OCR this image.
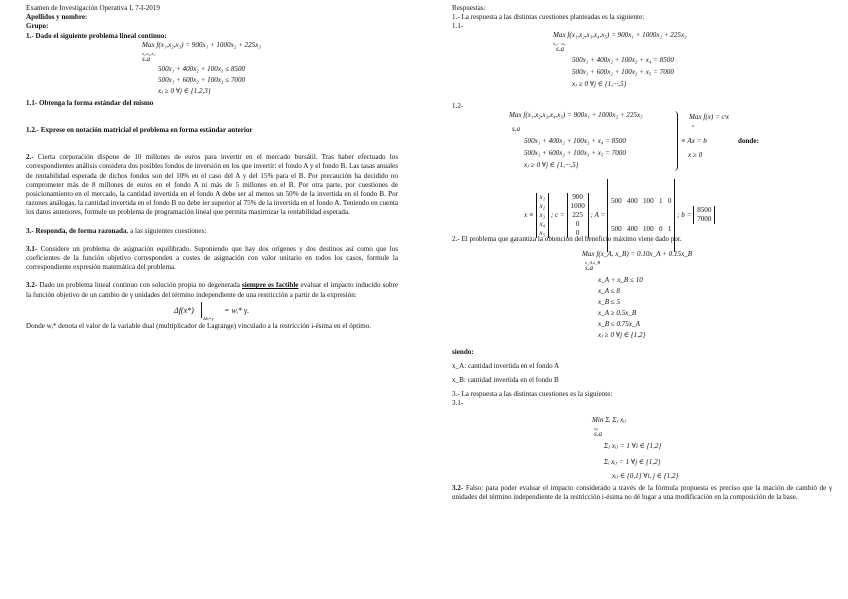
Examen de Investigación Operativa I, 7-I-2019

Apellidos y nombre:

Grupo:

1.- Dado el siguiente problema lineal continuo:

Max f(x₁,x₂,x₃) = 900x₁ + 1000x₂ + 225x₃
x₁,x₂,x₃
s.a
500x₁ + 400x₂ + 100x₃ ≤ 8500
500x₁ + 600x₂ + 100x₃ ≤ 7000
xⱼ ≥ 0 ∀j ∈ {1,2,3}

1.1- Obtenga la forma estándar del mismo

1.2.- Exprese en notación matricial el problema en forma estándar anterior

2.- Cierta corporación dispone de 10 millones de euros para invertir en el mercado bursátil. Tras haber efectuado los correspondientes análisis considera dos posibles fondos de inversión en los que invertir: el fondo A y el fondo B. Las tasas anuales de rentabilidad esperada de dichos fondos son del 10% en el caso del A y del 15% para el B. Por precaución ha decidido no comprometer más de 8 millones de euros en el fondo A ni más de 5 millones en el B. Por otra parte, por cuestiones de posicionamiento en el mercado, la cantidad invertida en el fondo A debe ser al menos un 50% de la invertida en el fondo B. Por razones análogas, la cantidad invertida en el fondo B no debe ier superior al 75% de la invertida en el fondo A. Teniendo en cuenta los datos anteriores, formule un problema de programación lineal que permita maximizar la rentabilidad esperada.

3.- Responda, de forma razonada, a las siguientes cuestiones:

3.1- Considere un problema de asignación equilibrado. Suponiendo que hay dos orígenes y dos destinos así como que los coeficientes de la función objetivo corresponden a costes de asignación con valor unitario en todos los casos, formule la correspondiente expresión matemática del problema.

3.2- Dado un problema lineal continuo con solución propia no degenerada siempre es factible evaluar el impacto inducido sobre la función objetivo de un cambio de γ unidades del término independiente de una restricción a partir de la expresión:

Δf(x*)
Δbᵢ=γ
= wᵢ* γ.

Donde wᵢ* denota el valor de la variable dual (multiplicador de Lagrange) vinculado a la restricción i-ésima en el óptimo.

Respuestas:

1.- La respuesta a las distintas cuestiones planteadas es la siguiente:

1.1-

Max f(x₁,x₂,x₃,x₄,x₅) = 900x₁ + 1000x₂ + 225x₃
x₁,···,x₅
s.a
500x₁ + 400x₂ + 100x₃ + x₄ = 8500
500x₁ + 600x₂ + 100x₃ + x₅ = 7000
xⱼ ≥ 0 ∀j ∈ {1,···,5}

1.2-

Max f(x₁,x₂,x₃,x₄,x₅) = 900x₁ + 1000x₂ + 225x₃
s.a
500x₁ + 400x₂ + 100x₃ + x₄ = 8500
500x₁ + 600x₂ + 100x₃ + x₅ = 7000
xⱼ ≥ 0 ∀j ∈ {1,···,5}
Max f(x) = cᵗx
x
≡ Ax = b
x ≥ 0
donde:
x ≡
x₁
x₂
x₃
x₄
x₅
; c =
900
1000
225
0
0
; A =

500   400   100   1   0

500   400   100   0   1

; b =
8500
7000

2.- El problema que garantiza la obtención del beneficio máximo viene dado por.

Max f(x_A, x_B) = 0.10x_A + 0.15x_B
x_A,x_B
s.a
x_A + x_B ≤ 10
x_A ≤ 8
x_B ≤ 5
x_A ≥ 0.5x_B
x_B ≤ 0.75x_A
xⱼ ≥ 0 ∀j ∈ {1,2}

siendo:

x_A: cantidad invertida en el fondo A

x_B: cantidad invertida en el fondo B

3.- La respuesta a las distintas cuestiones es la siguiente:

3.1-

Min Σᵢ Σⱼ xᵢⱼ
xᵢⱼ
s.a
Σⱼ xᵢⱼ = 1 ∀i ∈ {1,2}
Σᵢ xᵢⱼ = 1 ∀j ∈ {1,2}
xᵢⱼ ∈ {0,1} ∀i, j ∈ {1,2}

3.2- Falso: para poder evaluar el impacto considerado a través de la fórmula propuesta es preciso que la mación de cambió de γ unidades del término independiente de la restricción i-ésima no dé lugar a una modificación en la composición de la base.
